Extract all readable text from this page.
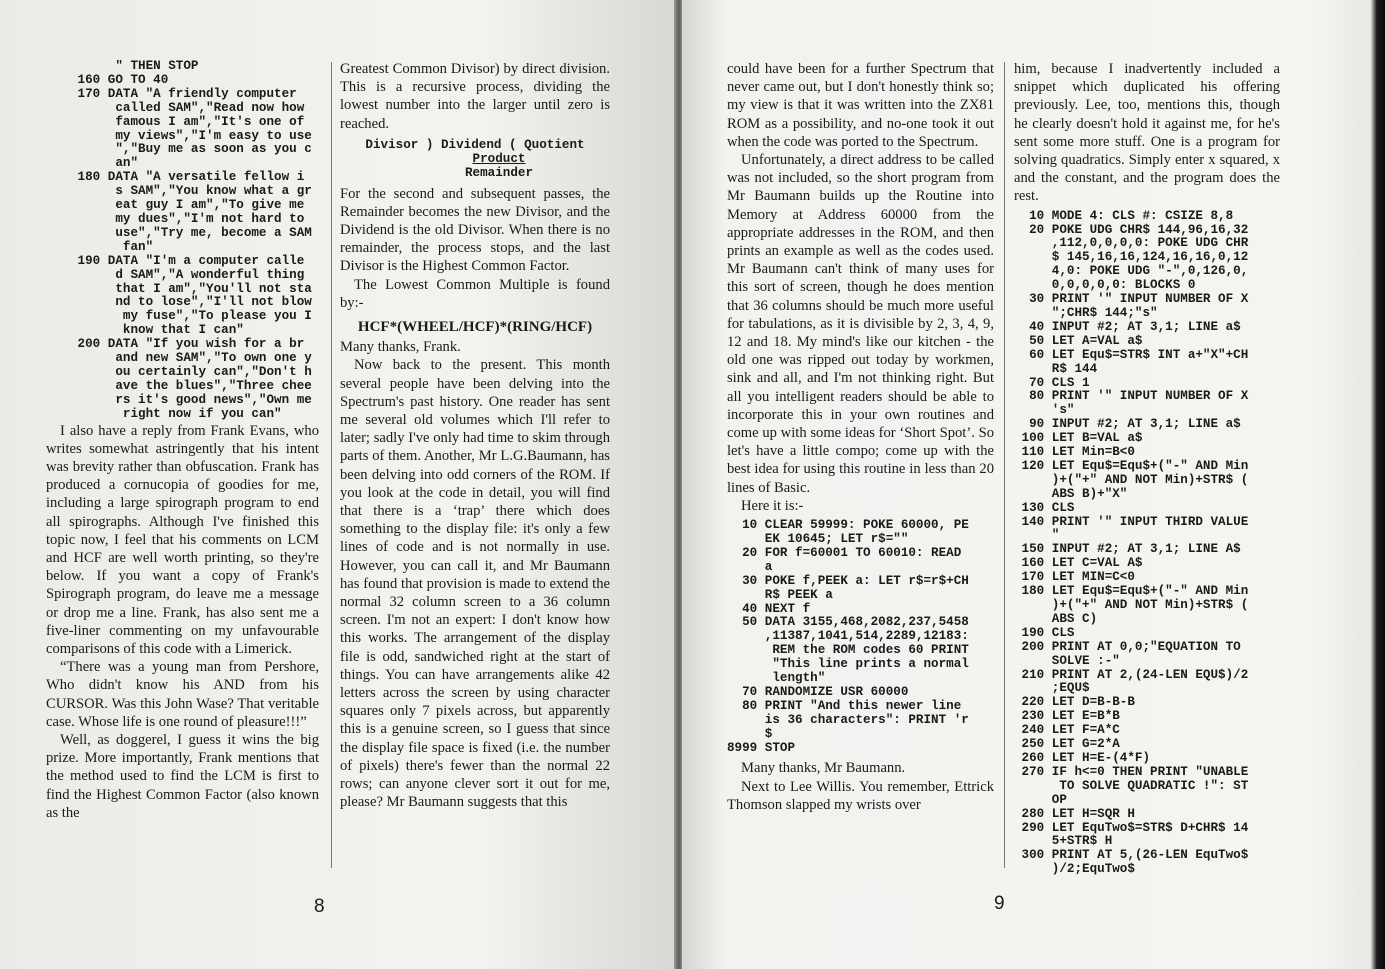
" THEN STOP
160 GO TO 40
170 DATA "A friendly computer
called SAM","Read now how
famous I am","It's one of
my views","I'm easy to use
","Buy me as soon as you c
an"
180 DATA "A versatile fellow i
s SAM","You know what a gr
eat guy I am","To give me
my dues","I'm not hard to
use","Try me, become a SAM
fan"
190 DATA "I'm a computer calle
d SAM","A wonderful thing
that I am","You'll not sta
nd to lose","I'll not blow
my fuse","To please you I
know that I can"
200 DATA "If you wish for a br
and new SAM","To own one y
ou certainly can","Don't h
ave the blues","Three chee
rs it's good news","Own me
right now if you can"

I also have a reply from Frank Evans, who writes somewhat astringently that his intent was brevity rather than obfuscation. Frank has produced a cornucopia of goodies for me, including a large spirograph program to end all spirographs. Although I've finished this topic now, I feel that his comments on LCM and HCF are well worth printing, so they're below. If you want a copy of Frank's Spirograph program, do leave me a message or drop me a line. Frank, has also sent me a five-liner commenting on my unfavourable comparisons of this code with a Limerick.

“There was a young man from Pershore, Who didn't know his AND from his CURSOR. Was this John Wase? That veritable case. Whose life is one round of pleasure!!!”

Well, as doggerel, I guess it wins the big prize. More importantly, Frank mentions that the method used to find the LCM is first to find the Highest Common Factor (also known as the

Greatest Common Divisor) by direct division. This is a recursive process, dividing the lowest number into the larger until zero is reached.

Divisor ) Dividend ( Quotient
Product
Remainder

For the second and subsequent passes, the Remainder becomes the new Divisor, and the Dividend is the old Divisor. When there is no remainder, the process stops, and the last Divisor is the Highest Common Factor.

The Lowest Common Multiple is found by:-

HCF*(WHEEL/HCF)*(RING/HCF)

Many thanks, Frank.

Now back to the present. This month several people have been delving into the Spectrum's past history. One reader has sent me several old volumes which I'll refer to later; sadly I've only had time to skim through parts of them. Another, Mr L.G.Baumann, has been delving into odd corners of the ROM. If you look at the code in detail, you will find that there is a ‘trap’ there which does something to the display file: it's only a few lines of code and is not normally in use. However, you can call it, and Mr Baumann has found that provision is made to extend the normal 32 column screen to a 36 column screen. I'm not an expert: I don't know how this works. The arrangement of the display file is odd, sandwiched right at the start of things. You can have arrangements alike 42 letters across the screen by using character squares only 7 pixels across, but apparently this is a genuine screen, so I guess that since the display file space is fixed (i.e. the number of pixels) there's fewer than the normal 22 rows; can anyone clever sort it out for me, please? Mr Baumann suggests that this

8

could have been for a further Spectrum that never came out, but I don't honestly think so; my view is that it was written into the ZX81 ROM as a possibility, and no-one took it out when the code was ported to the Spectrum.

Unfortunately, a direct address to be called was not included, so the short program from Mr Baumann builds up the Routine into Memory at Address 60000 from the appropriate addresses in the ROM, and then prints an example as well as the codes used. Mr Baumann can't think of many uses for this sort of screen, though he does mention that 36 columns should be much more useful for tabulations, as it is divisible by 2, 3, 4, 9, 12 and 18. My mind's like our kitchen - the old one was ripped out today by workmen, sink and all, and I'm not thinking right. But all you intelligent readers should be able to incorporate this in your own routines and come up with some ideas for ‘Short Spot’. So let's have a little compo; come up with the best idea for using this routine in less than 20 lines of Basic.

Here it is:-

10 CLEAR 59999: POKE 60000, PE
EK 10645; LET r$=""
20 FOR f=60001 TO 60010: READ
a
30 POKE f,PEEK a: LET r$=r$+CH
R$ PEEK a
40 NEXT f
50 DATA 3155,468,2082,237,5458
,11387,1041,514,2289,12183:
REM the ROM codes 60 PRINT
"This line prints a normal
length"
70 RANDOMIZE USR 60000
80 PRINT "And this newer line
is 36 characters": PRINT 'r
$
8999 STOP

Many thanks, Mr Baumann.

Next to Lee Willis. You remember, Ettrick Thomson slapped my wrists over

him, because I inadvertently included a snippet which duplicated his offering previously. Lee, too, mentions this, though he clearly doesn't hold it against me, for he's sent some more stuff. One is a program for solving quadratics. Simply enter x squared, x and the constant, and the program does the rest.

10 MODE 4: CLS #: CSIZE 8,8
20 POKE UDG CHR$ 144,96,16,32
,112,0,0,0,0: POKE UDG CHR
$ 145,16,16,124,16,16,0,12
4,0: POKE UDG "-",0,126,0,
0,0,0,0,0: BLOCKS 0
30 PRINT '" INPUT NUMBER OF X
";CHR$ 144;"s"
40 INPUT #2; AT 3,1; LINE a$
50 LET A=VAL a$
60 LET Equ$=STR$ INT a+"X"+CH
R$ 144
70 CLS 1
80 PRINT '" INPUT NUMBER OF X
's"
90 INPUT #2; AT 3,1; LINE a$
100 LET B=VAL a$
110 LET Min=B<0
120 LET Equ$=Equ$+("-" AND Min
)+("+" AND NOT Min)+STR$ (
ABS B)+"X"
130 CLS
140 PRINT '" INPUT THIRD VALUE
"
150 INPUT #2; AT 3,1; LINE A$
160 LET C=VAL A$
170 LET MIN=C<0
180 LET Equ$=Equ$+("-" AND Min
)+("+" AND NOT Min)+STR$ (
ABS C)
190 CLS
200 PRINT AT 0,0;"EQUATION TO
SOLVE :-"
210 PRINT AT 2,(24-LEN EQU$)/2
;EQU$
220 LET D=B-B-B
230 LET E=B*B
240 LET F=A*C
250 LET G=2*A
260 LET H=E-(4*F)
270 IF h<=0 THEN PRINT "UNABLE
TO SOLVE QUADRATIC !": ST
OP
280 LET H=SQR H
290 LET EquTwo$=STR$ D+CHR$ 14
5+STR$ H
300 PRINT AT 5,(26-LEN EquTwo$
)/2;EquTwo$
9
